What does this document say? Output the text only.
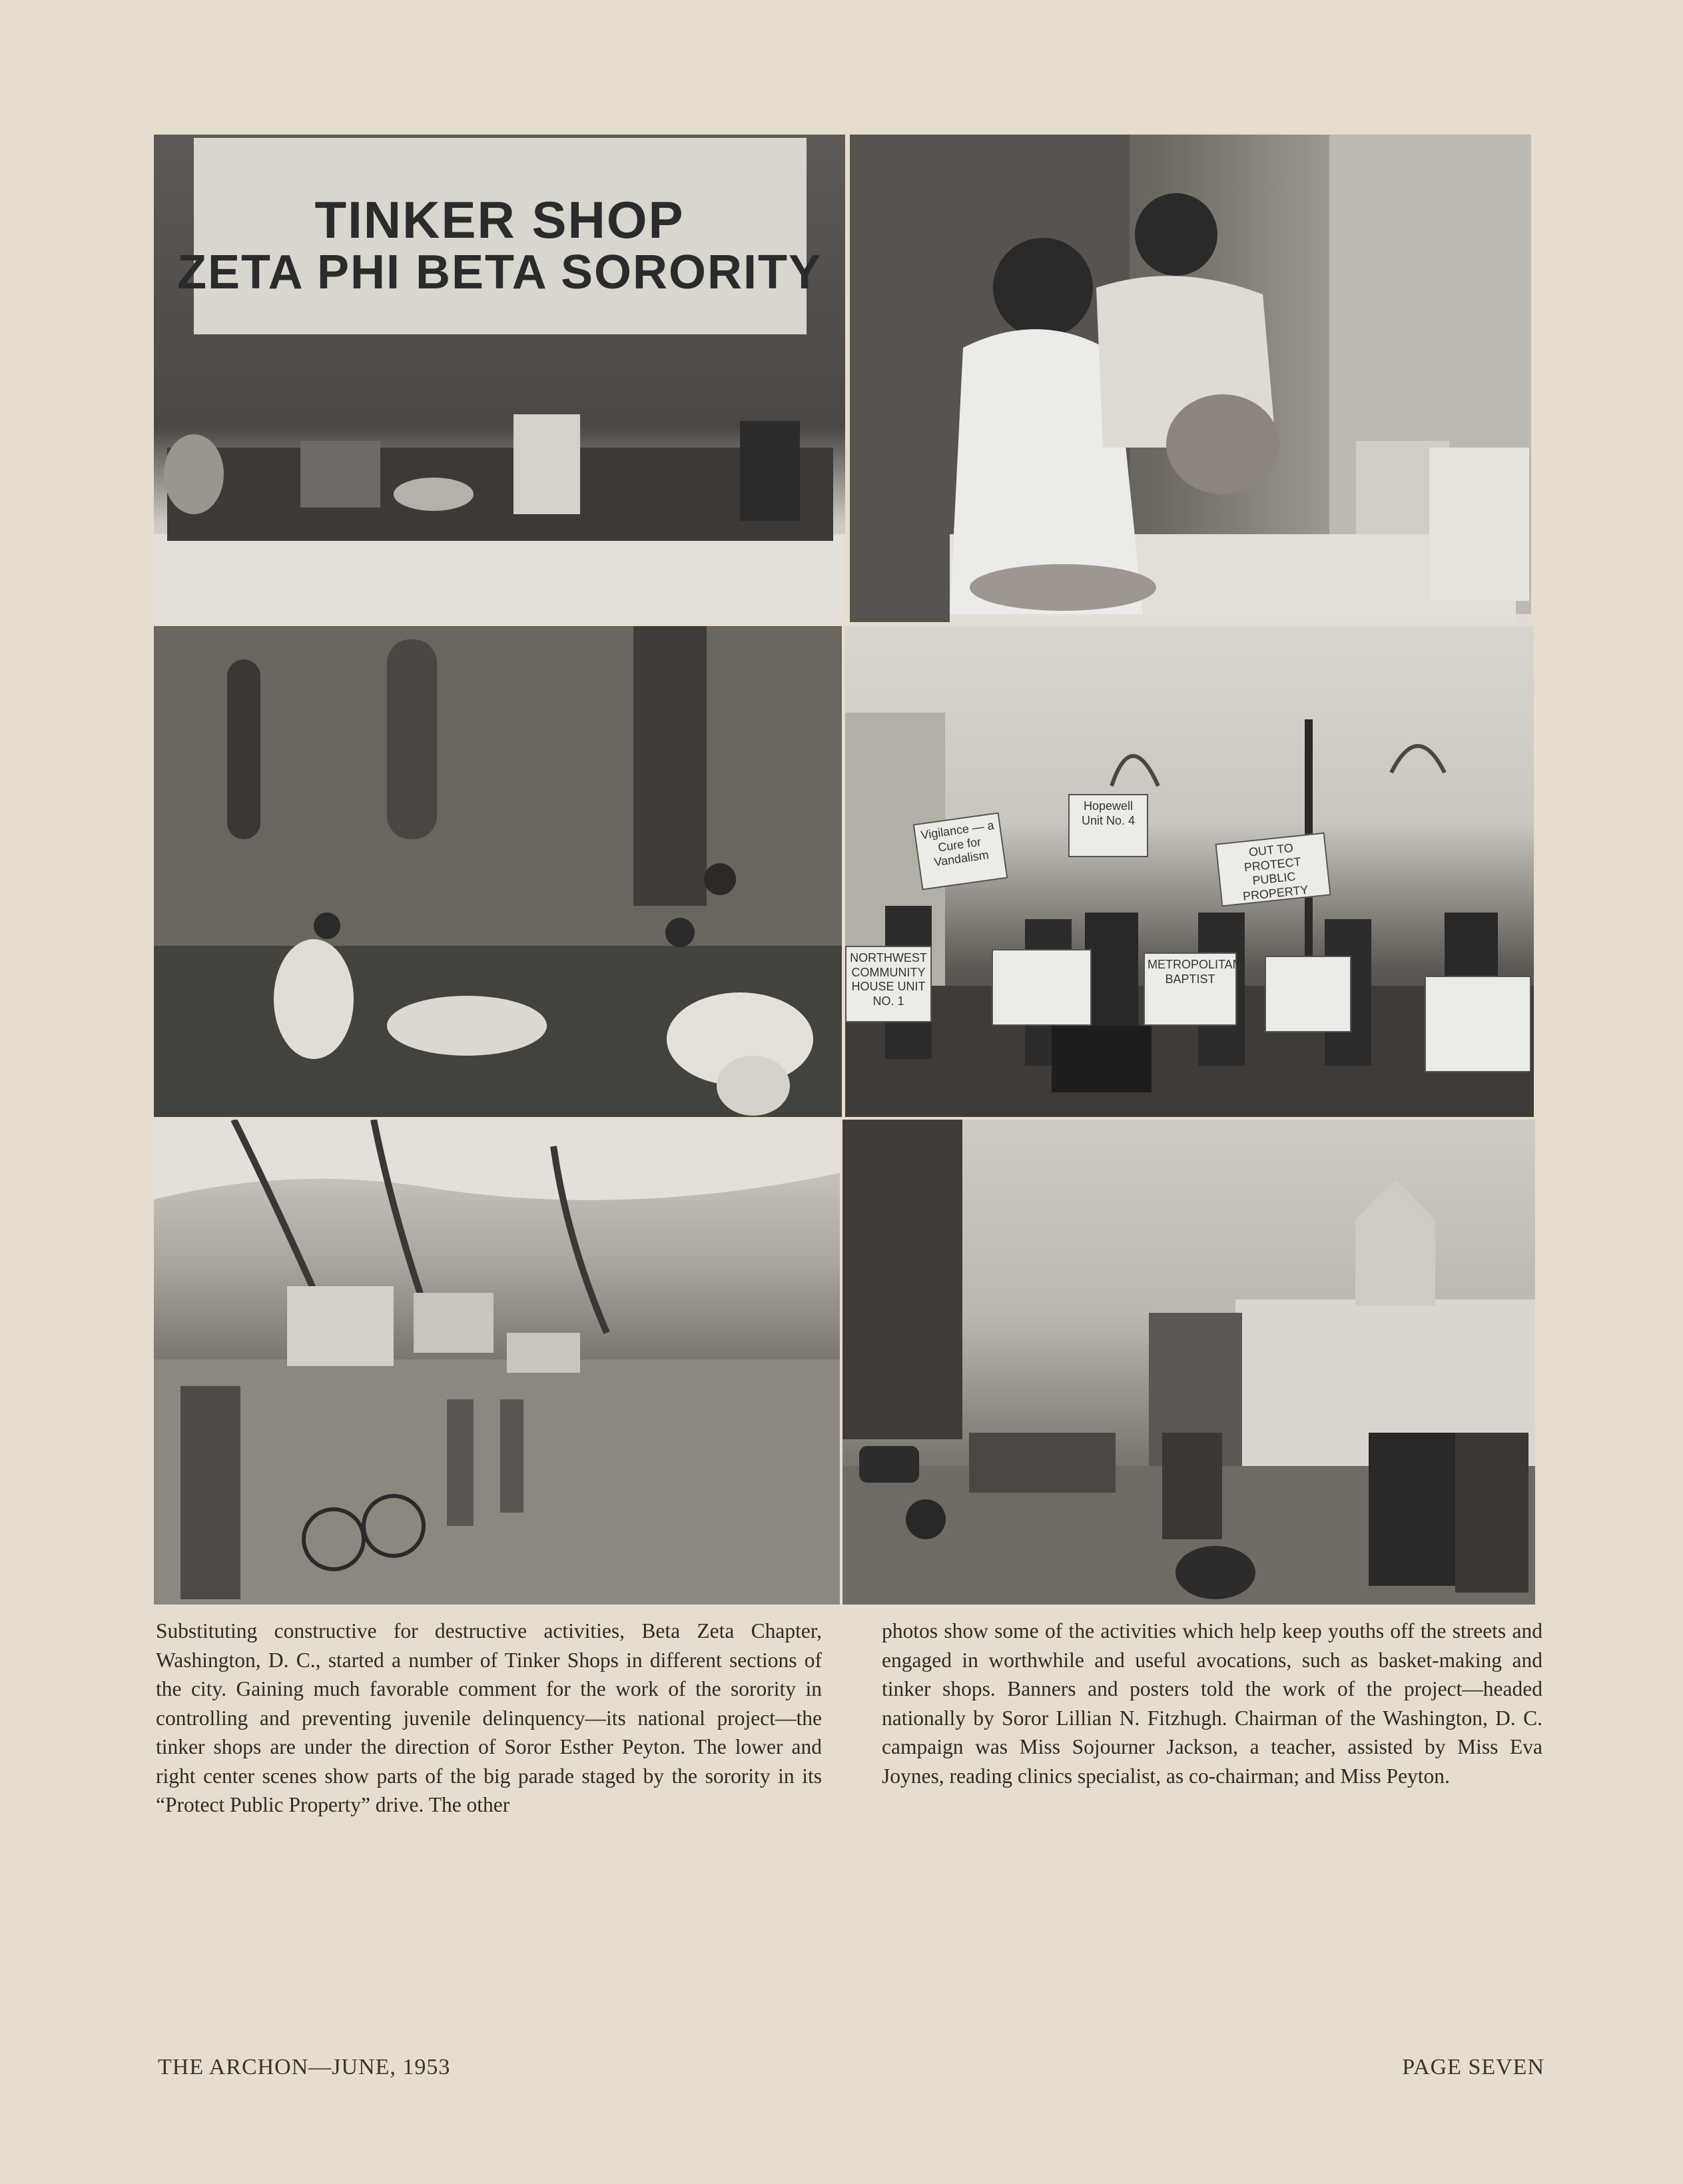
TINKER SHOP
ZETA PHI BETA SORORITY
Vigilance — a Cure for Vandalism
Hopewell Unit No. 4
OUT TO PROTECT PUBLIC PROPERTY
NORTHWEST COMMUNITY HOUSE UNIT NO. 1
METROPOLITAN BAPTIST
Substituting constructive for destructive activities, Beta Zeta Chapter, Washington, D. C., started a number of Tinker Shops in different sections of the city. Gaining much favorable comment for the work of the sorority in controlling and preventing juvenile delinquency—its national project—the tinker shops are under the direction of Soror Esther Peyton. The lower and right center scenes show parts of the big parade staged by the sorority in its “Protect Public Property” drive. The other
photos show some of the activities which help keep youths off the streets and engaged in worthwhile and useful avocations, such as basket-making and tinker shops. Banners and posters told the work of the project—headed nationally by Soror Lillian N. Fitzhugh. Chairman of the Washington, D. C. campaign was Miss Sojourner Jackson, a teacher, assisted by Miss Eva Joynes, reading clinics specialist, as co-chairman; and Miss Peyton.
THE ARCHON—JUNE, 1953	PAGE SEVEN
